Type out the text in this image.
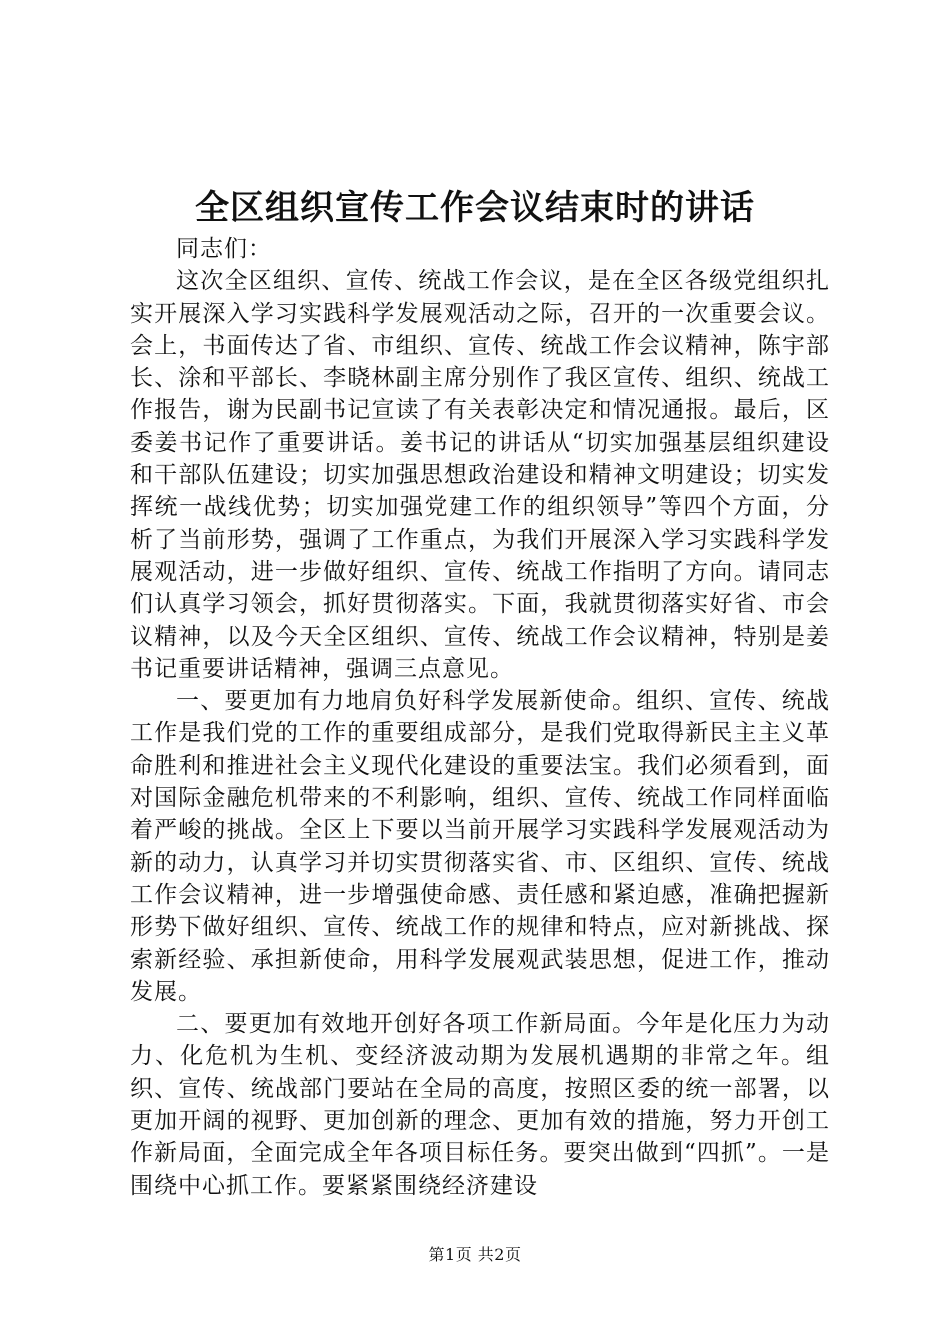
全区组织宣传工作会议结束时的讲话

同志们：

这次全区组织、宣传、统战工作会议，是在全区各级党组织扎实开展深入学习实践科学发展观活动之际，召开的一次重要会议。会上，书面传达了省、市组织、宣传、统战工作会议精神，陈宇部长、涂和平部长、李晓林副主席分别作了我区宣传、组织、统战工作报告，谢为民副书记宣读了有关表彰决定和情况通报。最后，区委姜书记作了重要讲话。姜书记的讲话从“切实加强基层组织建设和干部队伍建设；切实加强思想政治建设和精神文明建设；切实发挥统一战线优势；切实加强党建工作的组织领导”等四个方面，分析了当前形势，强调了工作重点，为我们开展深入学习实践科学发展观活动，进一步做好组织、宣传、统战工作指明了方向。请同志们认真学习领会，抓好贯彻落实。下面，我就贯彻落实好省、市会议精神，以及今天全区组织、宣传、统战工作会议精神，特别是姜书记重要讲话精神，强调三点意见。

一、要更加有力地肩负好科学发展新使命。组织、宣传、统战工作是我们党的工作的重要组成部分，是我们党取得新民主主义革命胜利和推进社会主义现代化建设的重要法宝。我们必须看到，面对国际金融危机带来的不利影响，组织、宣传、统战工作同样面临着严峻的挑战。全区上下要以当前开展学习实践科学发展观活动为新的动力，认真学习并切实贯彻落实省、市、区组织、宣传、统战工作会议精神，进一步增强使命感、责任感和紧迫感，准确把握新形势下做好组织、宣传、统战工作的规律和特点，应对新挑战、探索新经验、承担新使命，用科学发展观武装思想，促进工作，推动发展。

二、要更加有效地开创好各项工作新局面。今年是化压力为动力、化危机为生机、变经济波动期为发展机遇期的非常之年。组织、宣传、统战部门要站在全局的高度，按照区委的统一部署，以更加开阔的视野、更加创新的理念、更加有效的措施，努力开创工作新局面，全面完成全年各项目标任务。要突出做到“四抓”。一是围绕中心抓工作。要紧紧围绕经济建设

第1页 共2页
